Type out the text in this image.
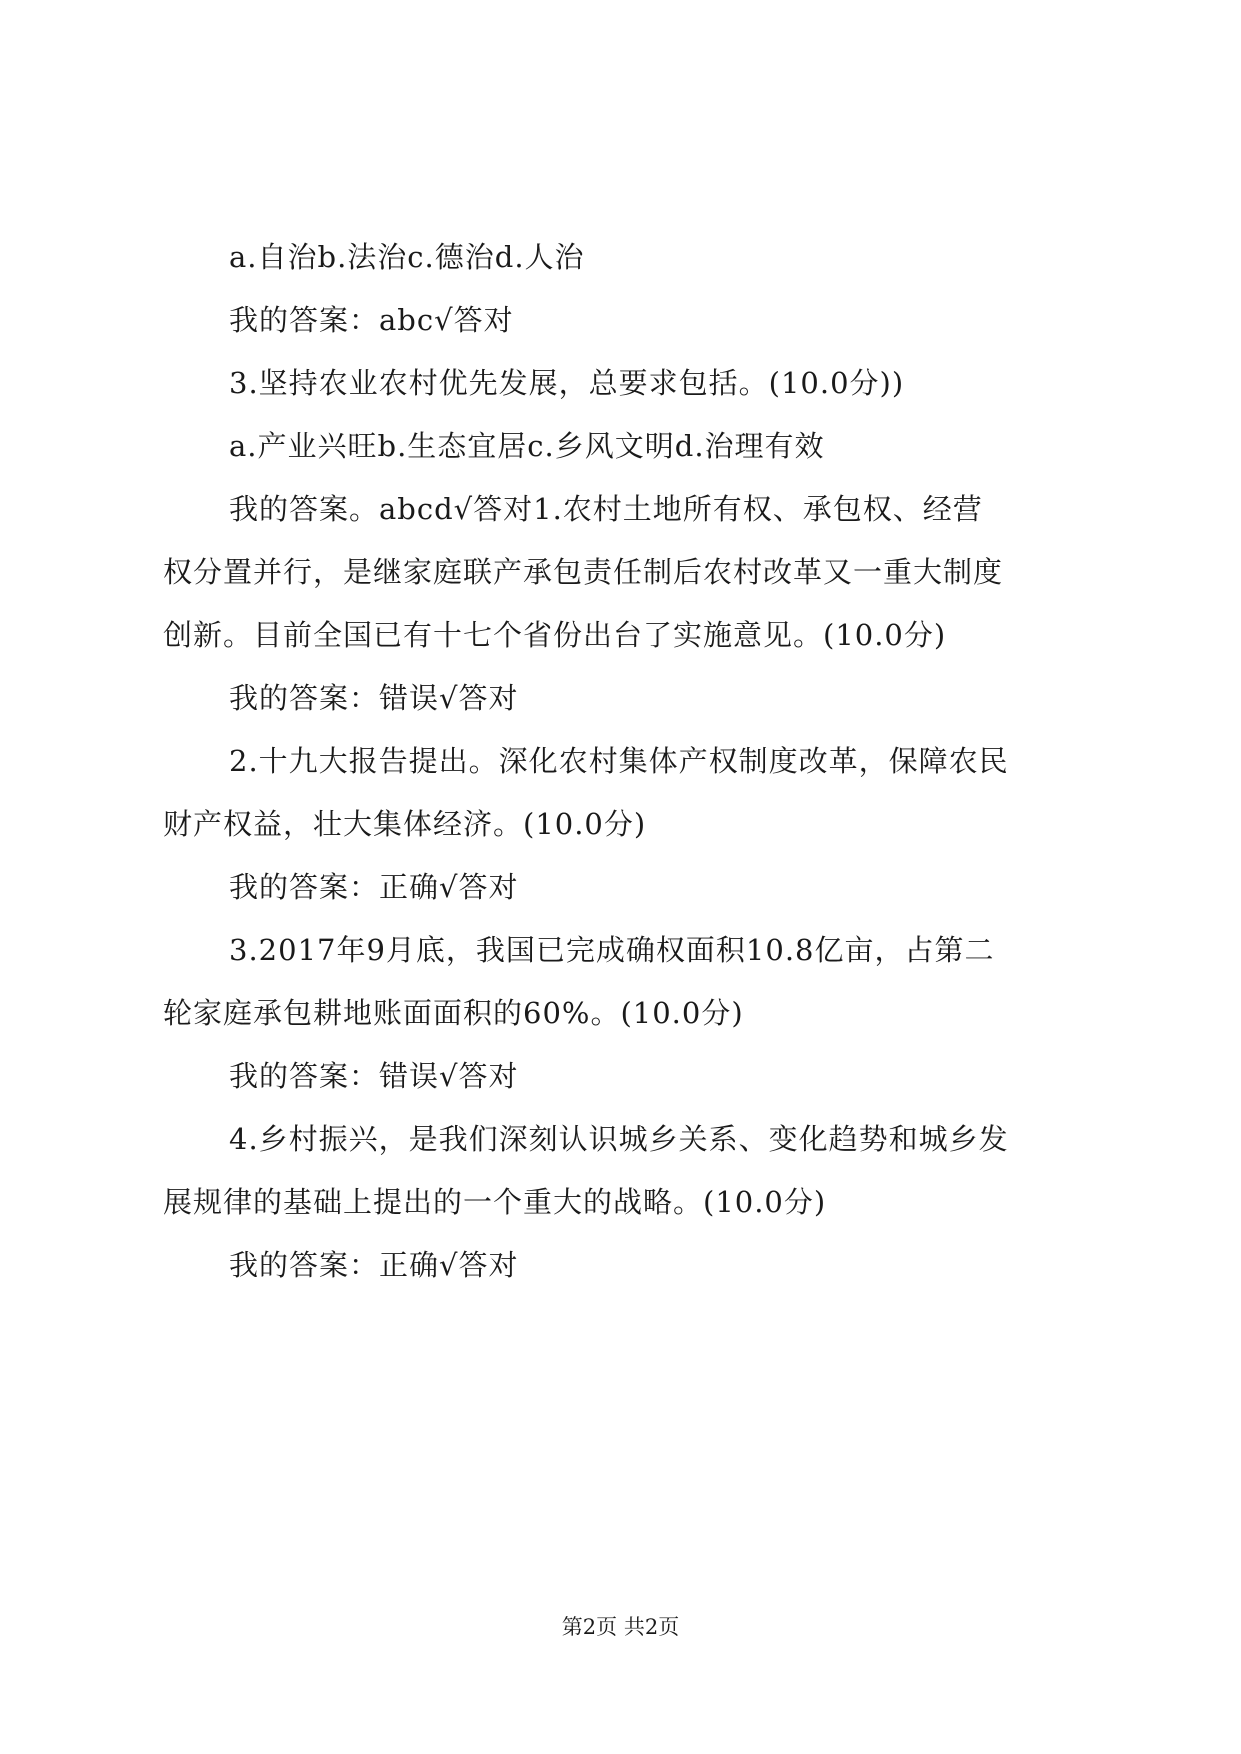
a.自治b.法治c.德治d.人治
我的答案：abc√答对
3.坚持农业农村优先发展，总要求包括。(10.0分))
a.产业兴旺b.生态宜居c.乡风文明d.治理有效
我的答案。abcd√答对1.农村土地所有权、承包权、经营
权分置并行，是继家庭联产承包责任制后农村改革又一重大制度
创新。目前全国已有十七个省份出台了实施意见。(10.0分)
我的答案：错误√答对
2.十九大报告提出。深化农村集体产权制度改革，保障农民
财产权益，壮大集体经济。(10.0分)
我的答案：正确√答对
3.2017年9月底，我国已完成确权面积10.8亿亩，占第二
轮家庭承包耕地账面面积的60%。(10.0分)
我的答案：错误√答对
4.乡村振兴，是我们深刻认识城乡关系、变化趋势和城乡发
展规律的基础上提出的一个重大的战略。(10.0分)
我的答案：正确√答对
第2页 共2页
